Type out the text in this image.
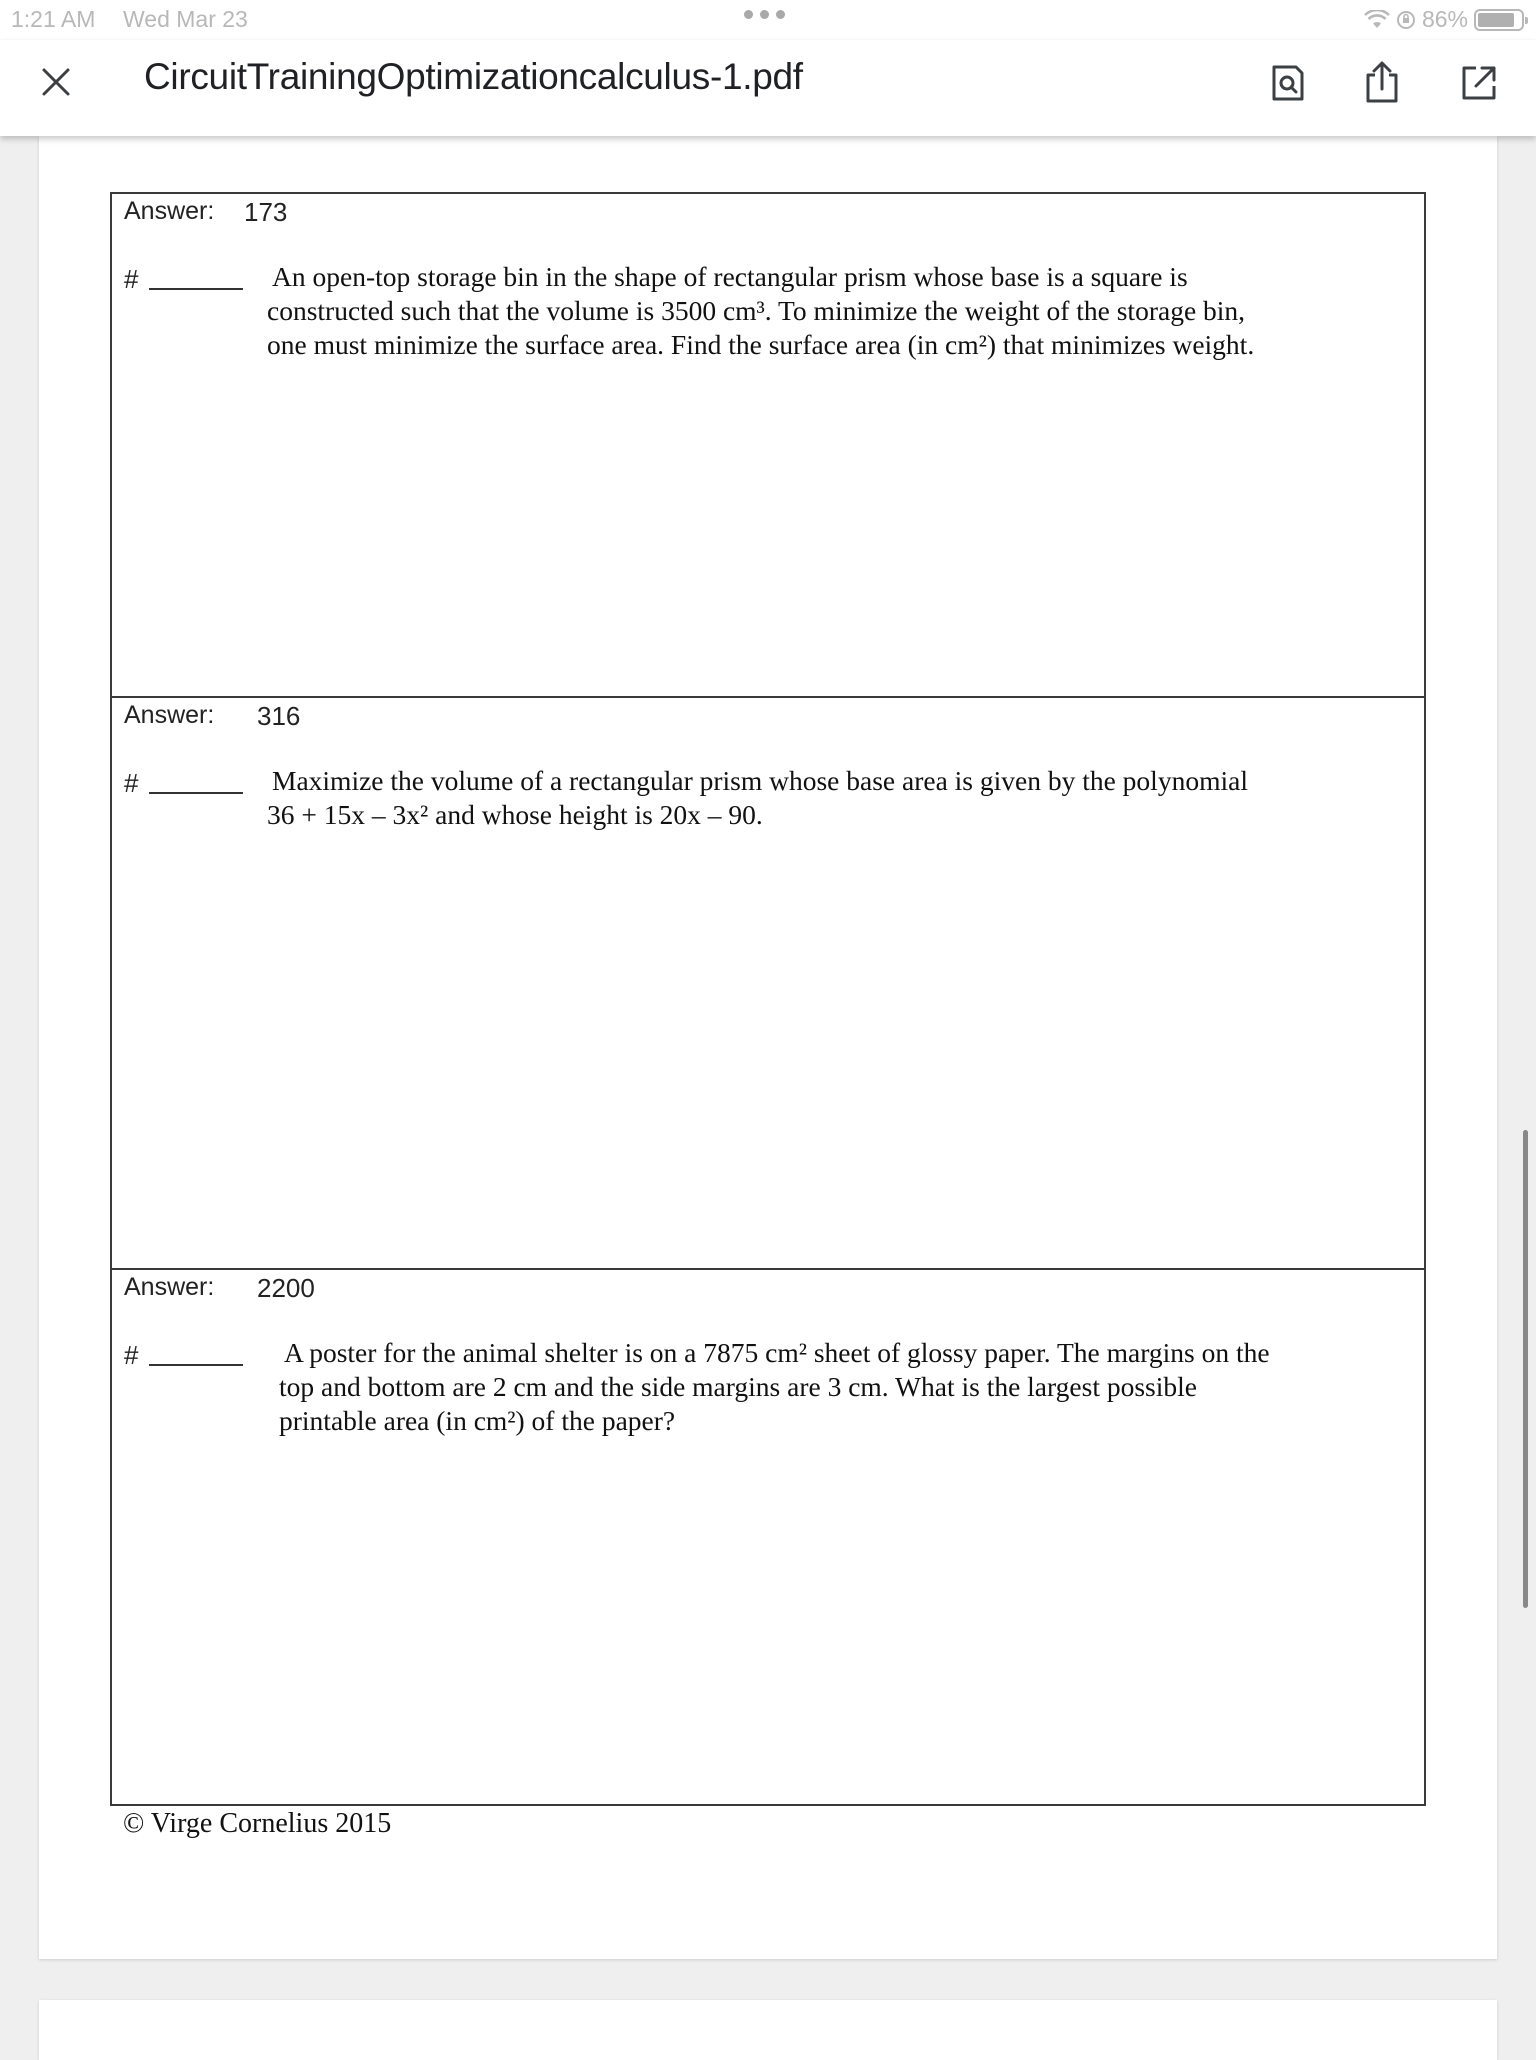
1:21 AM Wed Mar 23	86%
CircuitTrainingOptimizationcalculus-1.pdf
Answer: 173
#	An open-top storage bin in the shape of rectangular prism whose base is a square is
constructed such that the volume is 3500 cm³. To minimize the weight of the storage bin,
one must minimize the surface area. Find the surface area (in cm²) that minimizes weight.
Answer: 316
#	Maximize the volume of a rectangular prism whose base area is given by the polynomial
36 + 15x – 3x² and whose height is 20x – 90.
Answer: 2200
#	A poster for the animal shelter is on a 7875 cm² sheet of glossy paper. The margins on the
top and bottom are 2 cm and the side margins are 3 cm. What is the largest possible
printable area (in cm²) of the paper?
© Virge Cornelius 2015
